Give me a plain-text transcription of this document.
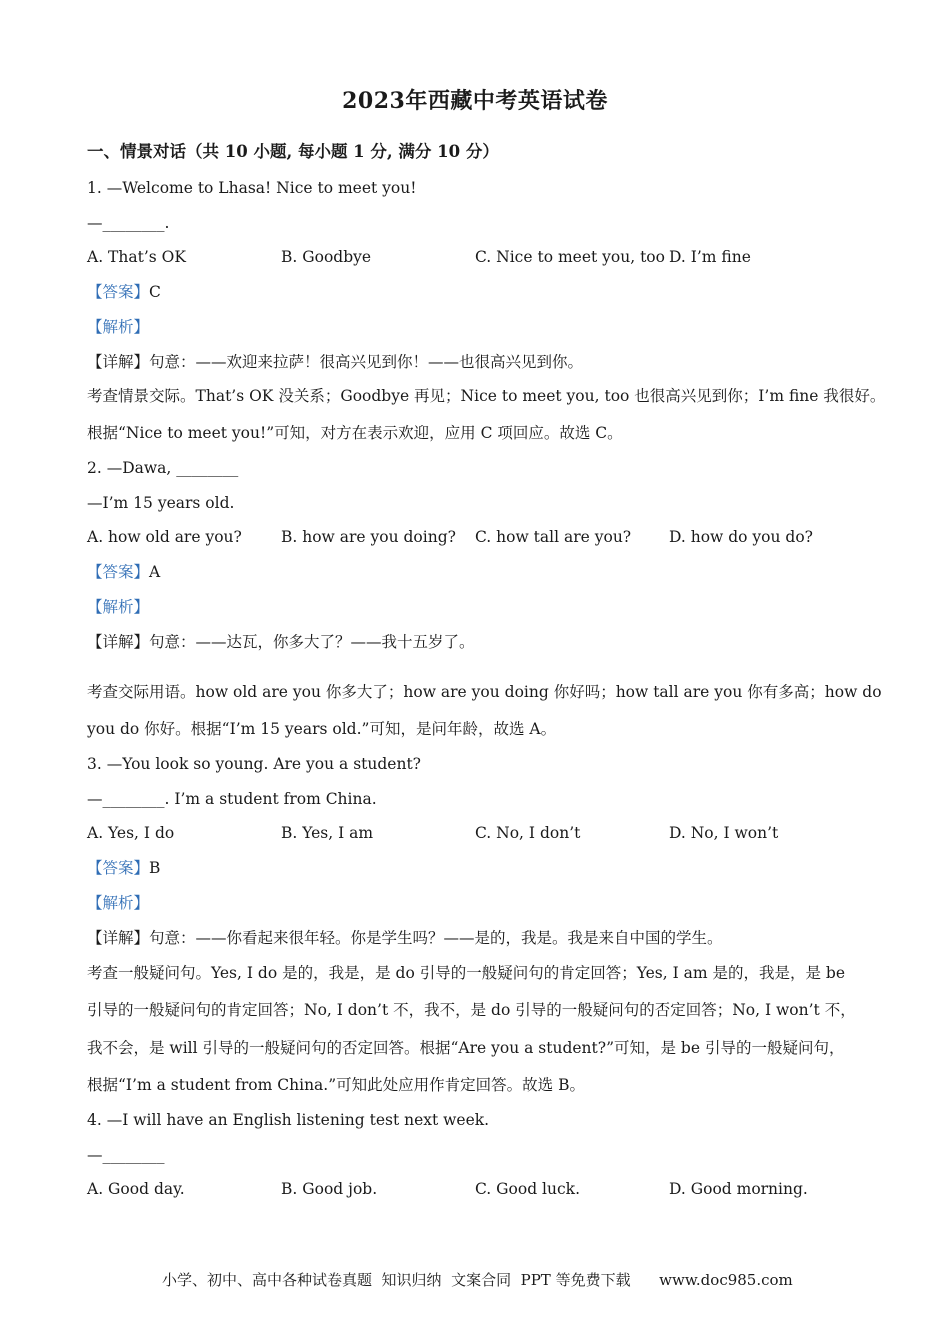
2023年西藏中考英语试卷
一、情景对话（共 10 小题, 每小题 1 分, 满分 10 分）
1. —Welcome to Lhasa! Nice to meet you!
—________.
A. That’s OK	B. Goodbye	C. Nice to meet you, too D. I’m fine
【答案】C
【解析】
【详解】句意：——欢迎来拉萨！很高兴见到你！——也很高兴见到你。
考查情景交际。That’s OK 没关系；Goodbye 再见；Nice to meet you, too 也很高兴见到你；I’m fine 我很好。
根据“Nice to meet you!”可知，对方在表示欢迎，应用 C 项回应。故选 C。
2. —Dawa, ________
—I’m 15 years old.
A. how old are you?	B. how are you doing? C. how tall are you? D. how do you do?
【答案】A
【解析】
【详解】句意：——达瓦，你多大了？——我十五岁了。
考查交际用语。how old are you 你多大了；how are you doing 你好吗；how tall are you 你有多高；how do
you do 你好。根据“I’m 15 years old.”可知，是问年龄，故选 A。
3. —You look so young. Are you a student?
—________. I’m a student from China.
A. Yes, I do	B. Yes, I am	C. No, I don’t	D. No, I won’t
【答案】B
【解析】
【详解】句意：——你看起来很年轻。你是学生吗？——是的，我是。我是来自中国的学生。
考查一般疑问句。Yes, I do 是的，我是，是 do 引导的一般疑问句的肯定回答；Yes, I am 是的，我是，是 be
引导的一般疑问句的肯定回答；No, I don’t 不，我不，是 do 引导的一般疑问句的否定回答；No, I won’t 不，
我不会，是 will 引导的一般疑问句的否定回答。根据“Are you a student?”可知，是 be 引导的一般疑问句，
根据“I’m a student from China.”可知此处应用作肯定回答。故选 B。
4. —I will have an English listening test next week.
—________
A. Good day.	B. Good job.	C. Good luck.	D. Good morning.
小学、初中、高中各种试卷真题  知识归纳  文案合同  PPT 等免费下载      www.doc985.com
